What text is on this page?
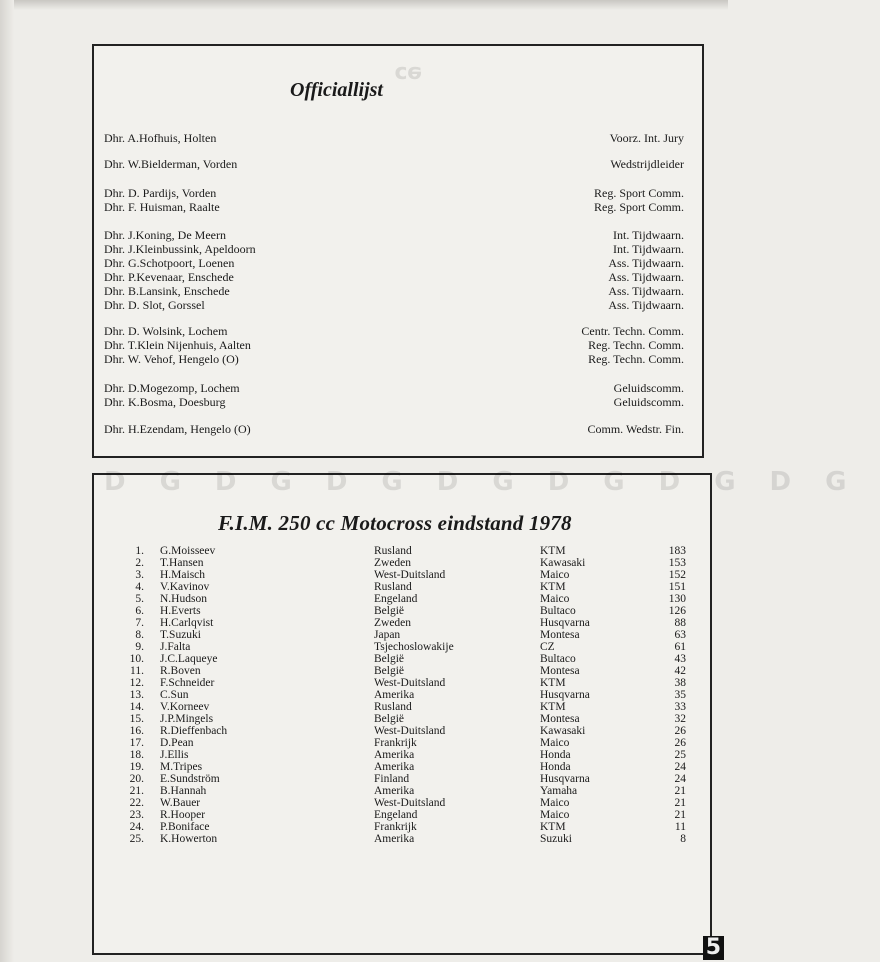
ǝɔ
Officiallijst
Dhr. A.Hofhuis, Holten	Voorz. Int. Jury
Dhr. W.Bielderman, Vorden	Wedstrijdleider
Dhr. D. Pardijs, Vorden	Reg. Sport Comm.
Dhr. F. Huisman, Raalte	Reg. Sport Comm.
Dhr. J.Koning, De Meern	Int. Tijdwaarn.
Dhr. J.Kleinbussink, Apeldoorn	Int. Tijdwaarn.
Dhr. G.Schotpoort, Loenen	Ass. Tijdwaarn.
Dhr. P.Kevenaar, Enschede	Ass. Tijdwaarn.
Dhr. B.Lansink, Enschede	Ass. Tijdwaarn.
Dhr. D. Slot, Gorssel	Ass. Tijdwaarn.
Dhr. D. Wolsink, Lochem	Centr. Techn. Comm.
Dhr. T.Klein Nijenhuis, Aalten	Reg. Techn. Comm.
Dhr. W. Vehof, Hengelo (O)	Reg. Techn. Comm.
Dhr. D.Mogezomp, Lochem	Geluidscomm.
Dhr. K.Bosma, Doesburg	Geluidscomm.
Dhr. H.Ezendam, Hengelo (O)	Comm. Wedstr. Fin.
DGDGDGDGDGDGDG
F.I.M. 250 cc Motocross eindstand 1978
1. G.Moisseev	Rusland	KTM	183
2. T.Hansen	Zweden	Kawasaki	153
3. H.Maisch	West-Duitsland	Maico	152
4. V.Kavinov	Rusland	KTM	151
5. N.Hudson	Engeland	Maico	130
6. H.Everts	België	Bultaco	126
7. H.Carlqvist	Zweden	Husqvarna	88
8. T.Suzuki	Japan	Montesa	63
9. J.Falta	Tsjechoslowakije	CZ	61
10. J.C.Laqueye	België	Bultaco	43
11. R.Boven	België	Montesa	42
12. F.Schneider	West-Duitsland	KTM	38
13. C.Sun	Amerika	Husqvarna	35
14. V.Korneev	Rusland	KTM	33
15. J.P.Mingels	België	Montesa	32
16. R.Dieffenbach	West-Duitsland	Kawasaki	26
17. D.Pean	Frankrijk	Maico	26
18. J.Ellis	Amerika	Honda	25
19. M.Tripes	Amerika	Honda	24
20. E.Sundström	Finland	Husqvarna	24
21. B.Hannah	Amerika	Yamaha	21
22. W.Bauer	West-Duitsland	Maico	21
23. R.Hooper	Engeland	Maico	21
24. P.Boniface	Frankrijk	KTM	11
25. K.Howerton	Amerika	Suzuki	8
5
